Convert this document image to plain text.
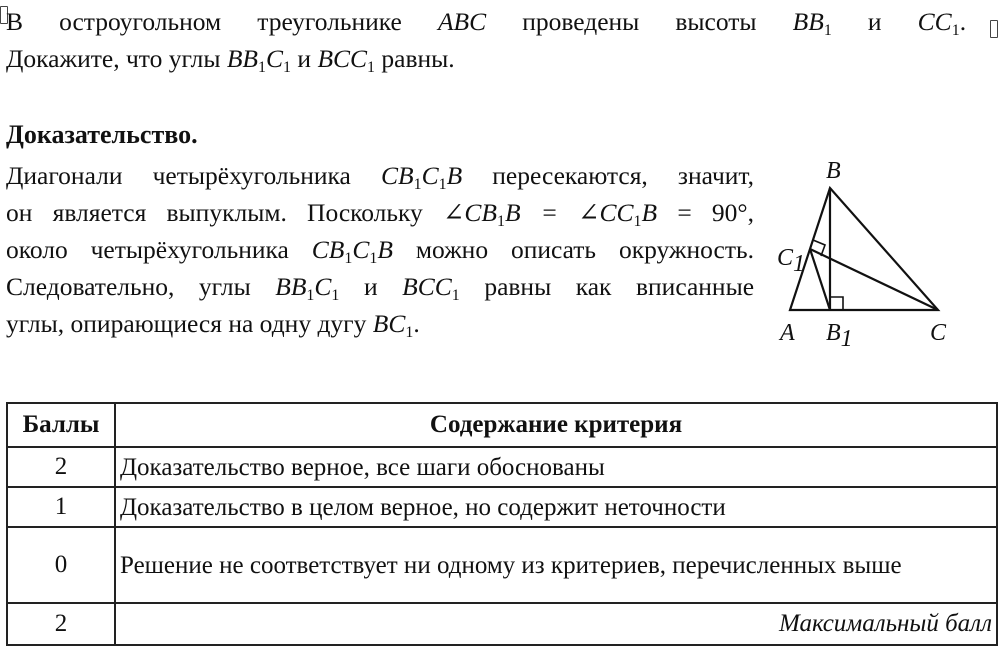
В остроугольном треугольнике ABC проведены высоты $BB_1$ и $CC_1$.
Докажите, что углы $BB_1C_1$ и $BCC_1$ равны.
Доказательство.
Диагонали четырёхугольника $CB_1C_1B$ пересекаются, значит,
он является выпуклым. Поскольку $\angle CB_1B$ = $\angle CC_1B = 90^\circ$,
около четырёхугольника $CB_1C_1B$ можно описать окружность.
Следовательно, углы $BB_1C_1$ и $BCC_1$ равны как вписанные
углы, опирающиеся на одну дугу $BC_1$.
B
C1
A B1	C
Баллы	Содержание критерия
2	Доказательство верное, все шаги обоснованы
1	Доказательство в целом верное, но содержит неточности
0	Решение не соответствует ни одному из критериев, перечисленных выше
2	Максимальный балл
